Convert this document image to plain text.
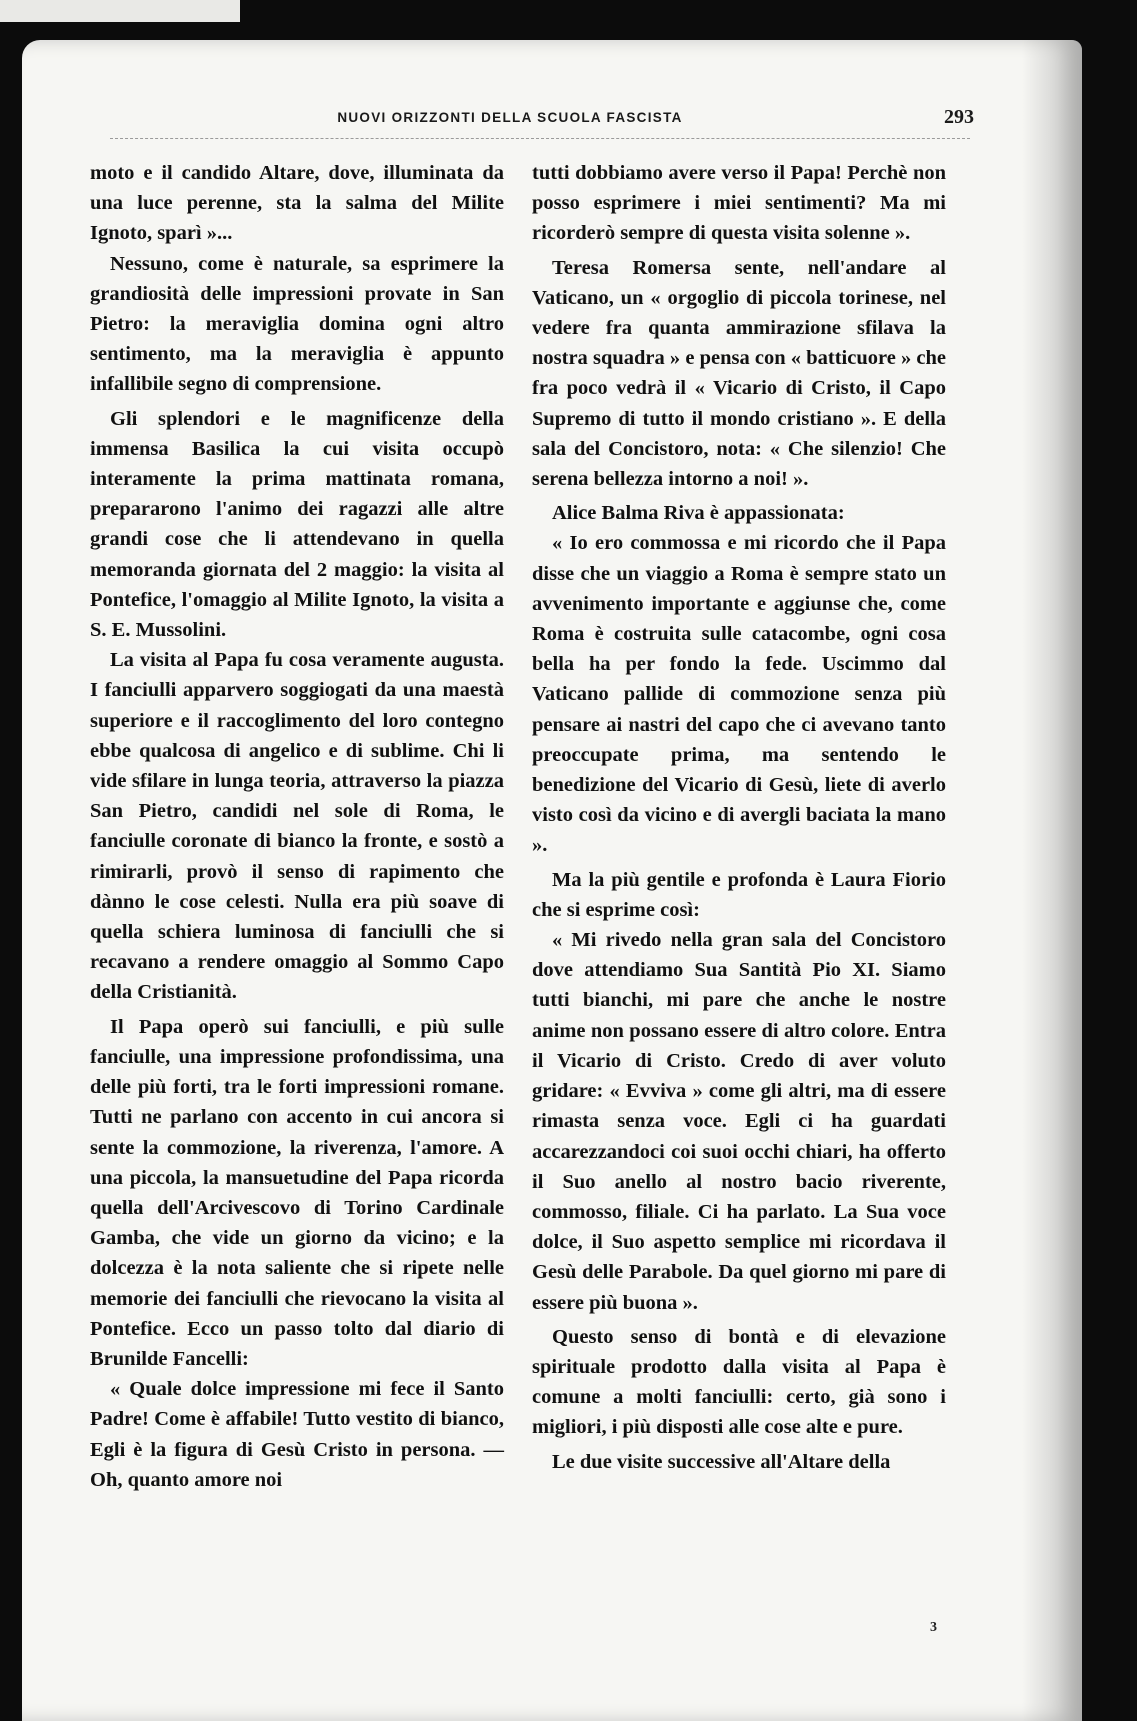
NUOVI ORIZZONTI DELLA SCUOLA FASCISTA	293

moto e il candido Altare, dove, illuminata da una luce perenne, sta la salma del Milite Ignoto, sparì »...

Nessuno, come è naturale, sa esprimere la grandiosità delle impressioni provate in San Pietro: la meraviglia domina ogni altro sentimento, ma la meraviglia è appunto infallibile segno di comprensione.

Gli splendori e le magnificenze della immensa Basilica la cui visita occupò interamente la prima mattinata romana, prepararono l'animo dei ragazzi alle altre grandi cose che li attendevano in quella memoranda giornata del 2 maggio: la visita al Pontefice, l'omaggio al Milite Ignoto, la visita a S. E. Mussolini.

La visita al Papa fu cosa veramente augusta. I fanciulli apparvero soggiogati da una maestà superiore e il raccoglimento del loro contegno ebbe qualcosa di angelico e di sublime. Chi li vide sfilare in lunga teoria, attraverso la piazza San Pietro, candidi nel sole di Roma, le fanciulle coronate di bianco la fronte, e sostò a rimirarli, provò il senso di rapimento che dànno le cose celesti. Nulla era più soave di quella schiera luminosa di fanciulli che si recavano a rendere omaggio al Sommo Capo della Cristianità.

Il Papa operò sui fanciulli, e più sulle fanciulle, una impressione profondissima, una delle più forti, tra le forti impressioni romane. Tutti ne parlano con accento in cui ancora si sente la commozione, la riverenza, l'amore. A una piccola, la mansuetudine del Papa ricorda quella dell'Arcivescovo di Torino Cardinale Gamba, che vide un giorno da vicino; e la dolcezza è la nota saliente che si ripete nelle memorie dei fanciulli che rievocano la visita al Pontefice. Ecco un passo tolto dal diario di Brunilde Fancelli:

« Quale dolce impressione mi fece il Santo Padre! Come è affabile! Tutto vestito di bianco, Egli è la figura di Gesù Cristo in persona. — Oh, quanto amore noi

tutti dobbiamo avere verso il Papa! Perchè non posso esprimere i miei sentimenti? Ma mi ricorderò sempre di questa visita solenne ».

Teresa Romersa sente, nell'andare al Vaticano, un « orgoglio di piccola torinese, nel vedere fra quanta ammirazione sfilava la nostra squadra » e pensa con « batticuore » che fra poco vedrà il « Vicario di Cristo, il Capo Supremo di tutto il mondo cristiano ». E della sala del Concistoro, nota: « Che silenzio! Che serena bellezza intorno a noi! ».

Alice Balma Riva è appassionata:

« Io ero commossa e mi ricordo che il Papa disse che un viaggio a Roma è sempre stato un avvenimento importante e aggiunse che, come Roma è costruita sulle catacombe, ogni cosa bella ha per fondo la fede. Uscimmo dal Vaticano pallide di commozione senza più pensare ai nastri del capo che ci avevano tanto preoccupate prima, ma sentendo le benedizione del Vicario di Gesù, liete di averlo visto così da vicino e di avergli baciata la mano ».

Ma la più gentile e profonda è Laura Fiorio che si esprime così:

« Mi rivedo nella gran sala del Concistoro dove attendiamo Sua Santità Pio XI. Siamo tutti bianchi, mi pare che anche le nostre anime non possano essere di altro colore. Entra il Vicario di Cristo. Credo di aver voluto gridare: « Evviva » come gli altri, ma di essere rimasta senza voce. Egli ci ha guardati accarezzandoci coi suoi occhi chiari, ha offerto il Suo anello al nostro bacio riverente, commosso, filiale. Ci ha parlato. La Sua voce dolce, il Suo aspetto semplice mi ricordava il Gesù delle Parabole. Da quel giorno mi pare di essere più buona ».

Questo senso di bontà e di elevazione spirituale prodotto dalla visita al Papa è comune a molti fanciulli: certo, già sono i migliori, i più disposti alle cose alte e pure.

Le due visite successive all'Altare della

3
